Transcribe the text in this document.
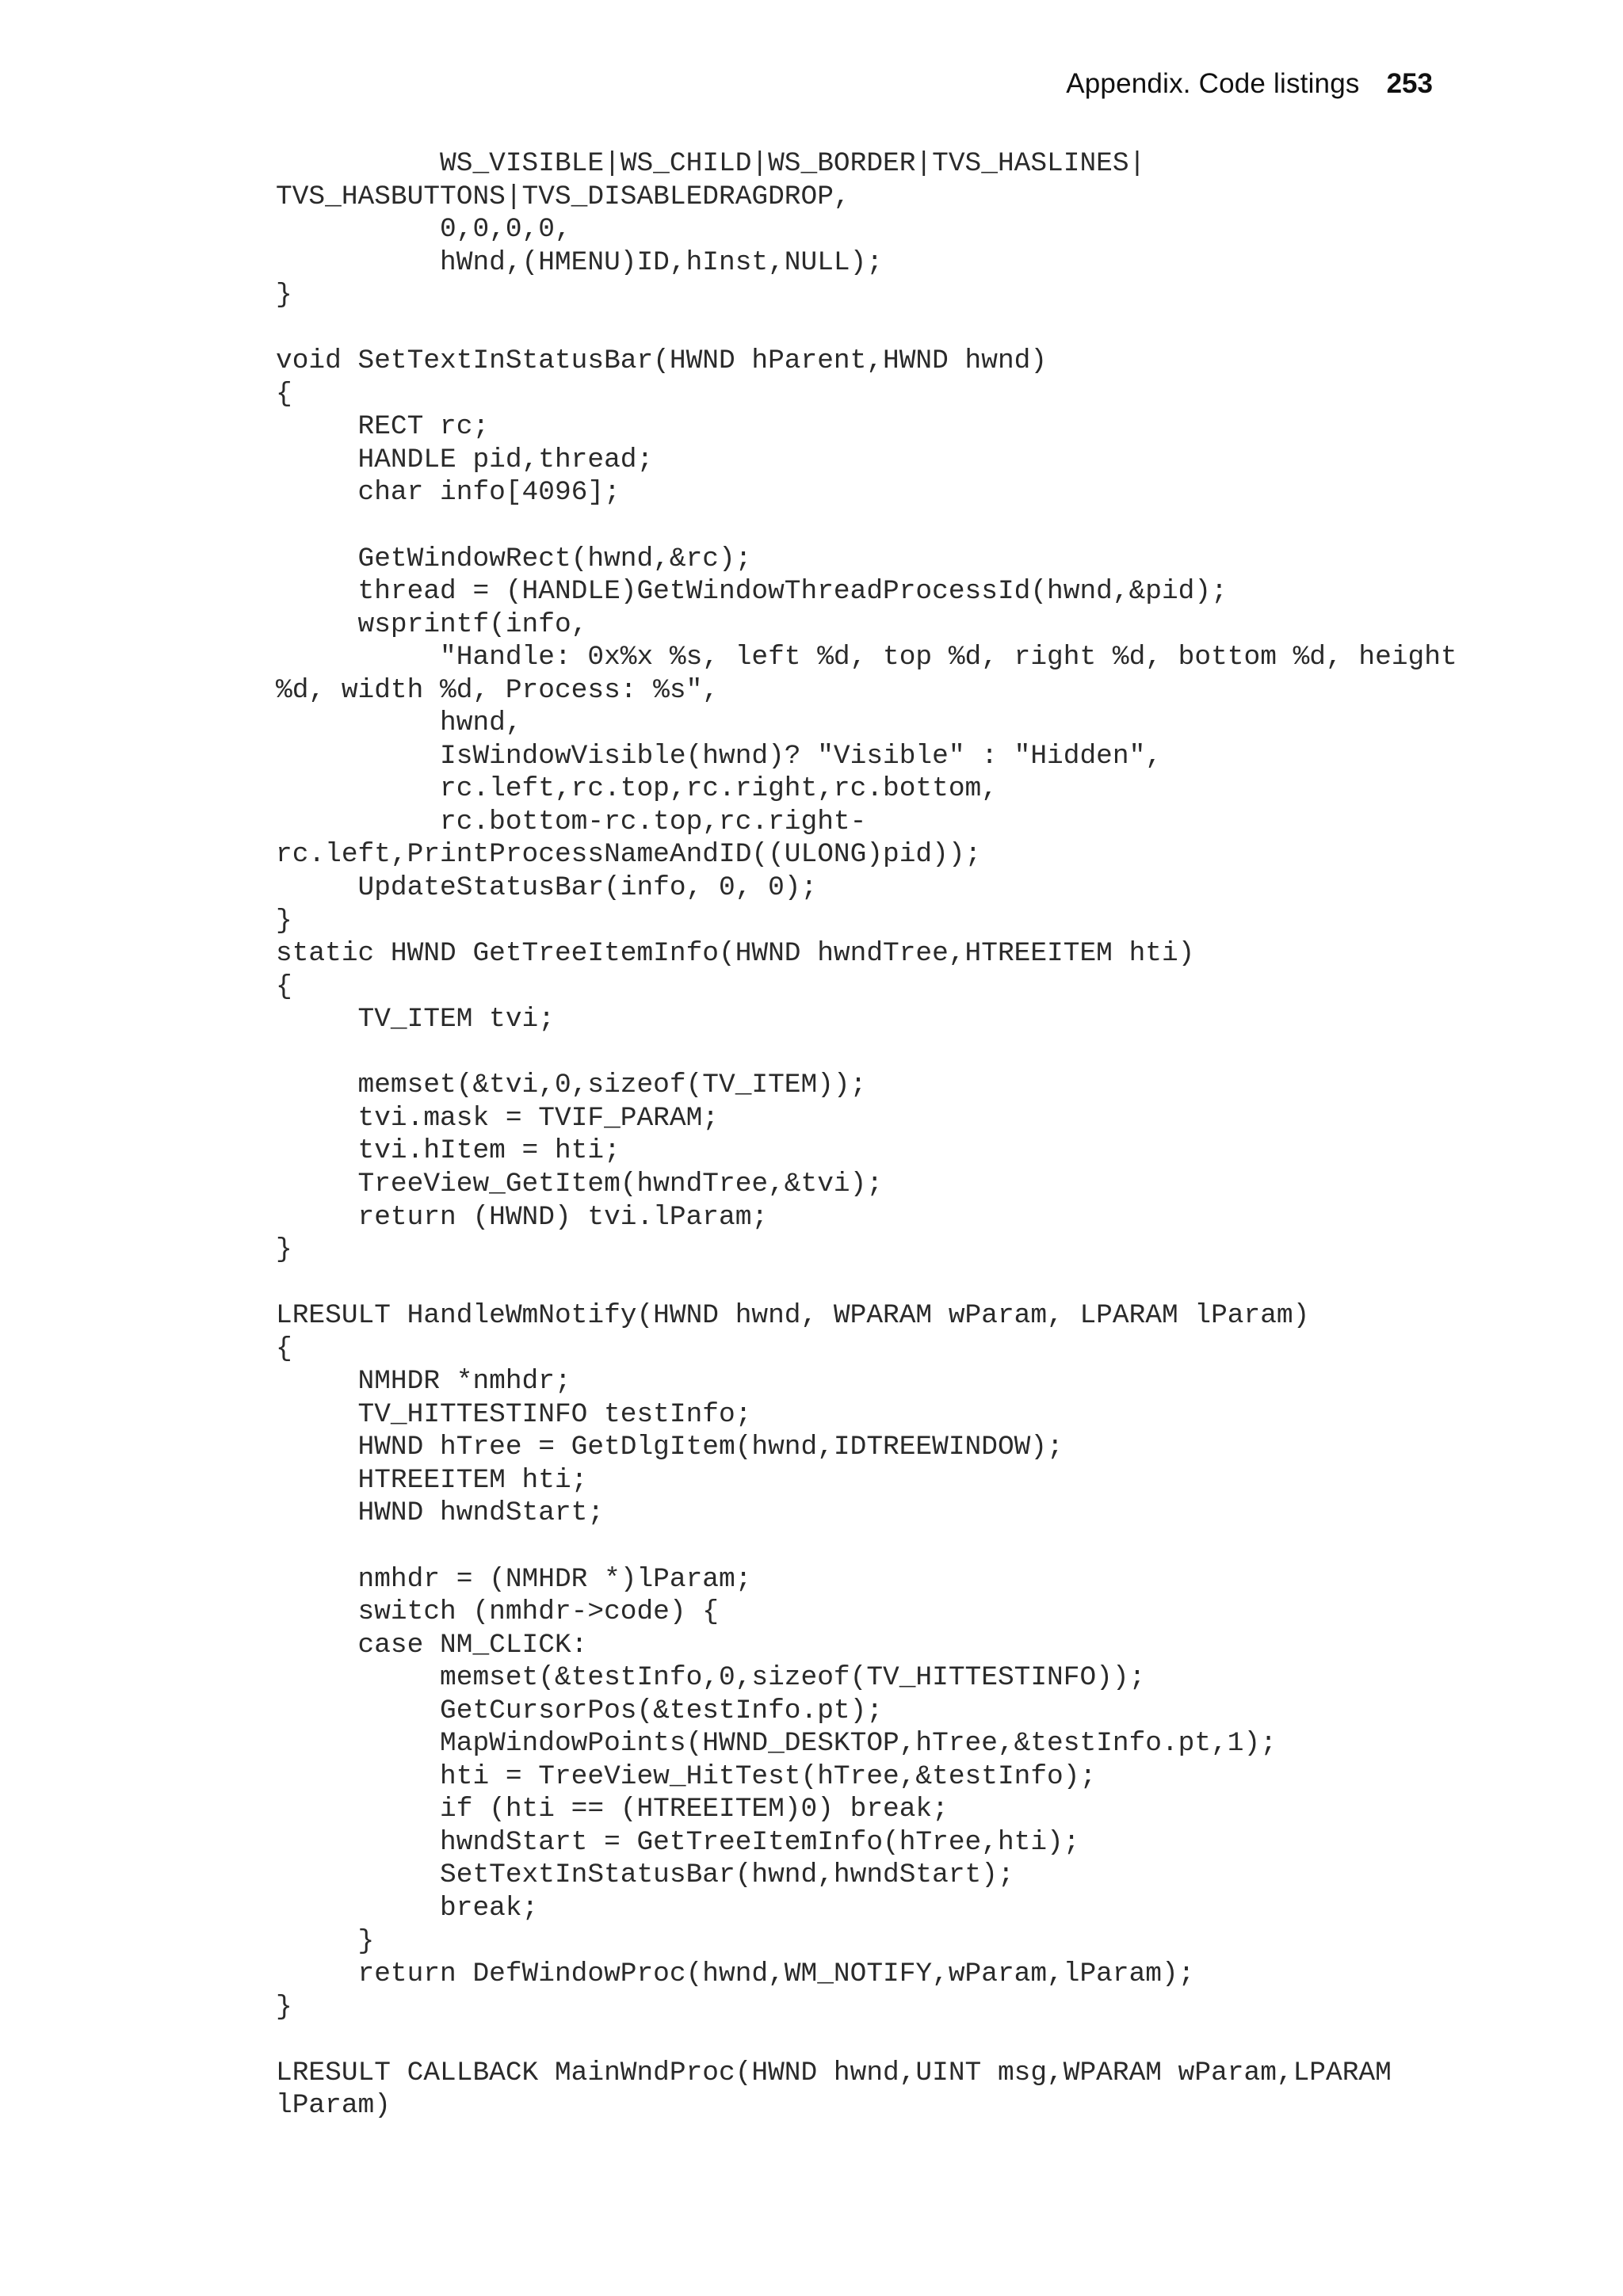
Appendix. Code listings 253
WS_VISIBLE|WS_CHILD|WS_BORDER|TVS_HASLINES|
TVS_HASBUTTONS|TVS_DISABLEDRAGDROP,
0,0,0,0,
hWnd,(HMENU)ID,hInst,NULL);
}
void SetTextInStatusBar(HWND hParent,HWND hwnd)
{
RECT rc;
HANDLE pid,thread;
char info[4096];
GetWindowRect(hwnd,&rc);
thread = (HANDLE)GetWindowThreadProcessId(hwnd,&pid);
wsprintf(info,
"Handle: 0x%x %s, left %d, top %d, right %d, bottom %d, height
%d, width %d, Process: %s",
hwnd,
IsWindowVisible(hwnd)? "Visible" : "Hidden",
rc.left,rc.top,rc.right,rc.bottom,
rc.bottom-rc.top,rc.right-
rc.left,PrintProcessNameAndID((ULONG)pid));
UpdateStatusBar(info, 0, 0);
}
static HWND GetTreeItemInfo(HWND hwndTree,HTREEITEM hti)
{
TV_ITEM tvi;
memset(&tvi,0,sizeof(TV_ITEM));
tvi.mask = TVIF_PARAM;
tvi.hItem = hti;
TreeView_GetItem(hwndTree,&tvi);
return (HWND) tvi.lParam;
}
LRESULT HandleWmNotify(HWND hwnd, WPARAM wParam, LPARAM lParam)
{
NMHDR *nmhdr;
TV_HITTESTINFO testInfo;
HWND hTree = GetDlgItem(hwnd,IDTREEWINDOW);
HTREEITEM hti;
HWND hwndStart;
nmhdr = (NMHDR *)lParam;
switch (nmhdr->code) {
case NM_CLICK:
memset(&testInfo,0,sizeof(TV_HITTESTINFO));
GetCursorPos(&testInfo.pt);
MapWindowPoints(HWND_DESKTOP,hTree,&testInfo.pt,1);
hti = TreeView_HitTest(hTree,&testInfo);
if (hti == (HTREEITEM)0) break;
hwndStart = GetTreeItemInfo(hTree,hti);
SetTextInStatusBar(hwnd,hwndStart);
break;
}
return DefWindowProc(hwnd,WM_NOTIFY,wParam,lParam);
}
LRESULT CALLBACK MainWndProc(HWND hwnd,UINT msg,WPARAM wParam,LPARAM
lParam)
